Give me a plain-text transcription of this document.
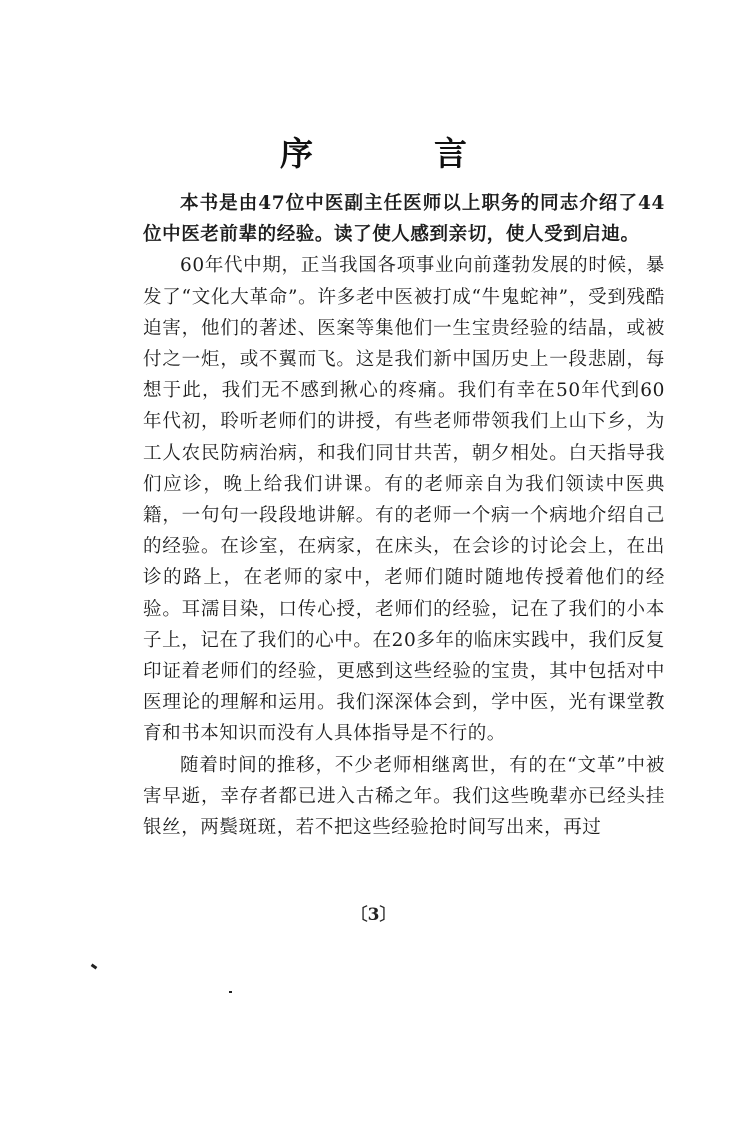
序　言

本书是由47位中医副主任医师以上职务的同志介绍了44位中医老前辈的经验。读了使人感到亲切，使人受到启迪。

60年代中期，正当我国各项事业向前蓬勃发展的时候，暴发了“文化大革命”。许多老中医被打成“牛鬼蛇神”，受到残酷迫害，他们的著述、医案等集他们一生宝贵经验的结晶，或被付之一炬，或不翼而飞。这是我们新中国历史上一段悲剧，每想于此，我们无不感到揪心的疼痛。我们有幸在50年代到60年代初，聆听老师们的讲授，有些老师带领我们上山下乡，为工人农民防病治病，和我们同甘共苦，朝夕相处。白天指导我们应诊，晚上给我们讲课。有的老师亲自为我们领读中医典籍，一句句一段段地讲解。有的老师一个病一个病地介绍自己的经验。在诊室，在病家，在床头，在会诊的讨论会上，在出诊的路上，在老师的家中，老师们随时随地传授着他们的经验。耳濡目染，口传心授，老师们的经验，记在了我们的小本子上，记在了我们的心中。在20多年的临床实践中，我们反复印证着老师们的经验，更感到这些经验的宝贵，其中包括对中医理论的理解和运用。我们深深体会到，学中医，光有课堂教育和书本知识而没有人具体指导是不行的。

随着时间的推移，不少老师相继离世，有的在“文革”中被害早逝，幸存者都已进入古稀之年。我们这些晚辈亦已经头挂银丝，两鬓斑斑，若不把这些经验抢时间写出来，再过

〔3〕
